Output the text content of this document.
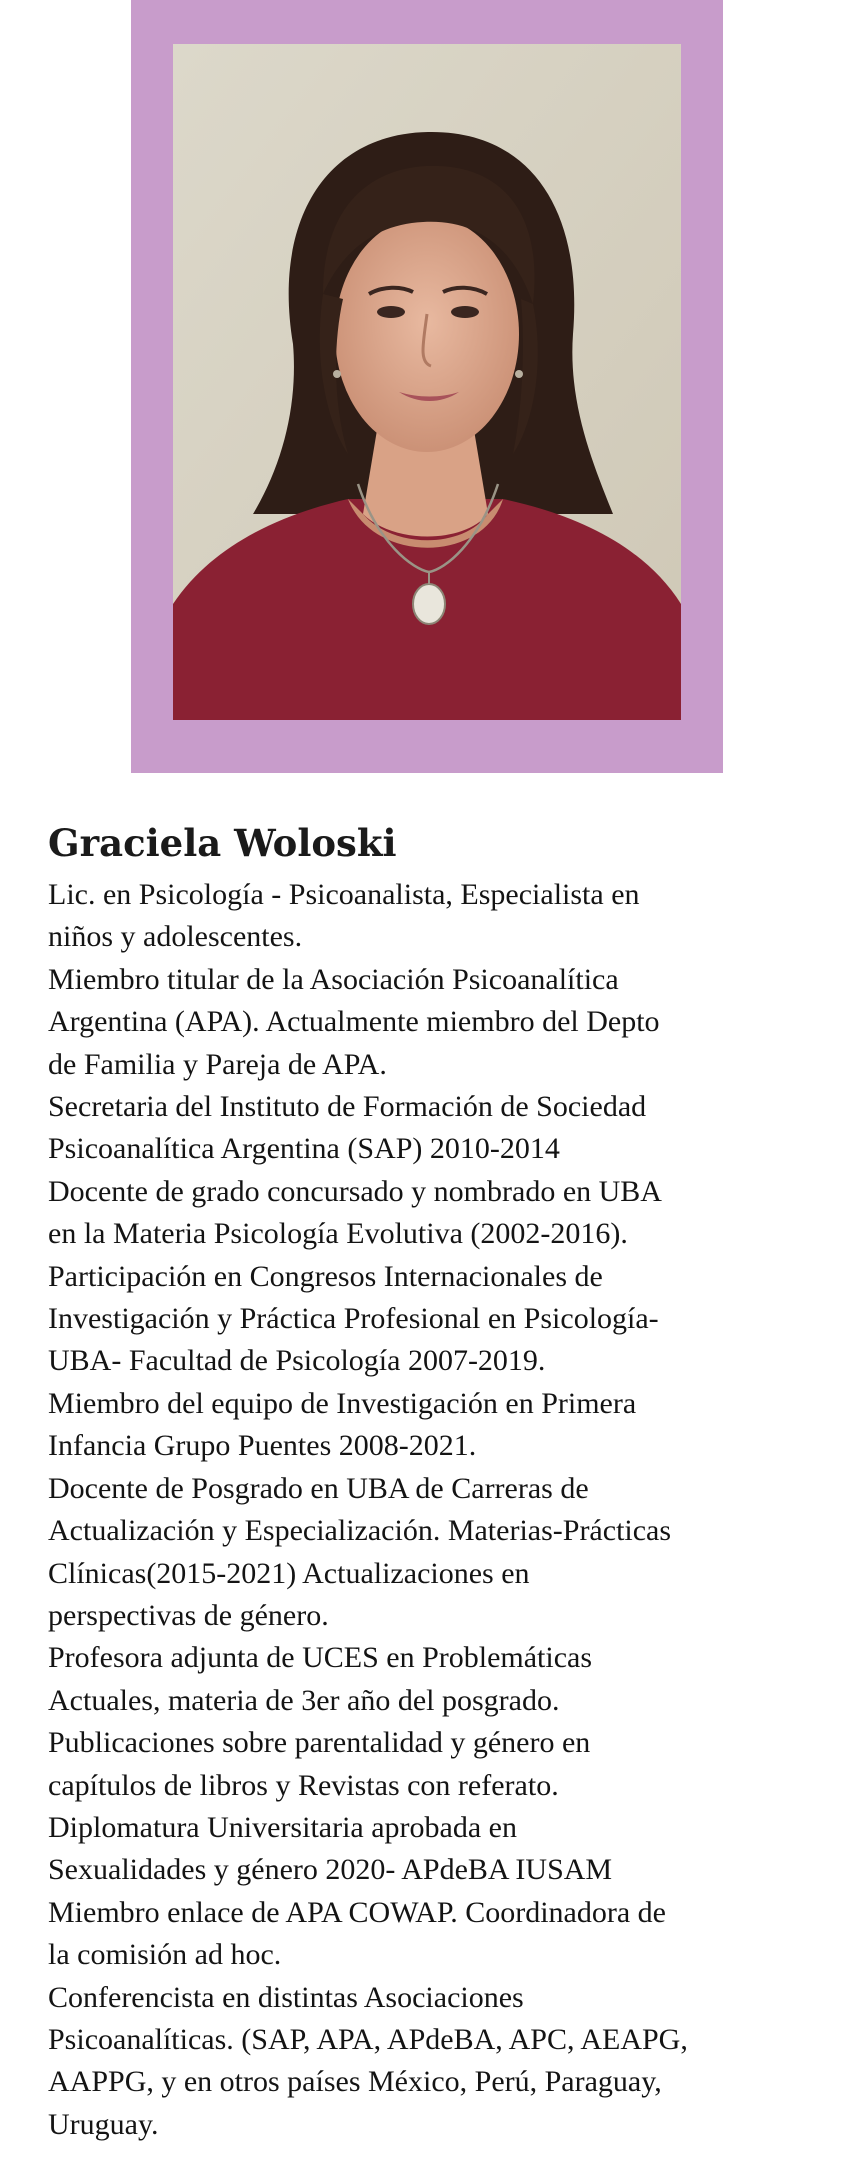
Graciela Woloski
Lic. en Psicología - Psicoanalista, Especialista en
niños y adolescentes.
Miembro titular de la Asociación Psicoanalítica
Argentina (APA). Actualmente miembro del Depto
de Familia y Pareja de APA.
Secretaria del Instituto de Formación de Sociedad
Psicoanalítica Argentina (SAP) 2010-2014
Docente de grado concursado y nombrado en UBA
en la Materia Psicología Evolutiva (2002-2016).
Participación en Congresos Internacionales de
Investigación y Práctica Profesional en Psicología-
UBA- Facultad de Psicología 2007-2019.
Miembro del equipo de Investigación en Primera
Infancia Grupo Puentes 2008-2021.
Docente de Posgrado en UBA de Carreras de
Actualización y Especialización. Materias-Prácticas
Clínicas(2015-2021) Actualizaciones en
perspectivas de género.
Profesora adjunta de UCES en Problemáticas
Actuales, materia de 3er año del posgrado.
Publicaciones sobre parentalidad y género en
capítulos de libros y Revistas con referato.
Diplomatura Universitaria aprobada en
Sexualidades y género 2020- APdeBA IUSAM
Miembro enlace de APA COWAP. Coordinadora de
la comisión ad hoc.
Conferencista en distintas Asociaciones
Psicoanalíticas. (SAP, APA, APdeBA, APC, AEAPG,
AAPPG, y en otros países México, Perú, Paraguay,
Uruguay.
